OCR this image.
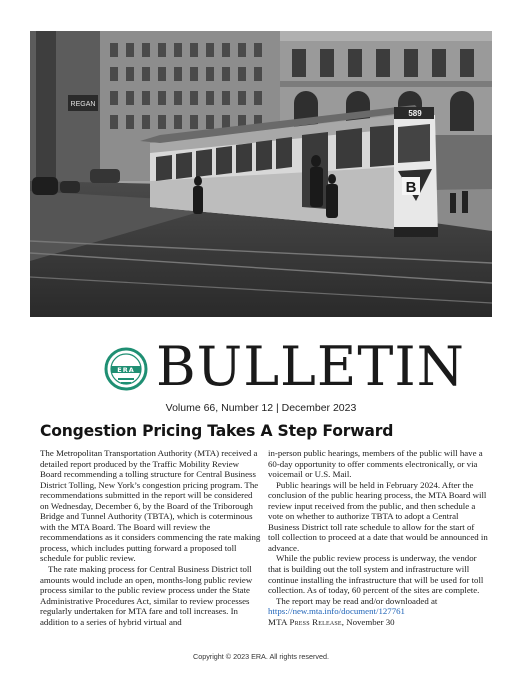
REGAN
589
B
ERA BULLETIN
Volume 66, Number 12 | December 2023
Congestion Pricing Takes A Step Forward

The Metropolitan Transportation Authority (MTA) received a detailed report produced by the Traffic Mobility Review Board recommending a tolling structure for Central Business District Tolling, New York’s congestion pricing program. The recommendations submitted in the report will be considered on Wednesday, December 6, by the Board of the Triborough Bridge and Tunnel Authority (TBTA), which is coterminous with the MTA Board. The Board will review the recommendations as it considers commencing the rate making process, which includes putting forward a proposed toll schedule for public review.

The rate making process for Central Business District toll amounts would include an open, months-long public review process similar to the public review process under the State Administrative Procedures Act, similar to review processes regularly undertaken for MTA fare and toll increases. In addition to a series of hybrid virtual and

in-person public hearings, members of the public will have a 60-day opportunity to offer comments electronically, or via voicemail or U.S. Mail.

Public hearings will be held in February 2024. After the conclusion of the public hearing process, the MTA Board will review input received from the public, and then schedule a vote on whether to authorize TBTA to adopt a Central Business District toll rate schedule to allow for the start of toll collection to proceed at a date that would be announced in advance.

While the public review process is underway, the vendor that is building out the toll system and infrastructure will continue installing the infrastructure that will be used for toll collection. As of today, 60 percent of the sites are complete.

The report may be read and/or downloaded at https://new.mta.info/document/127761

MTA Press Release, November 30

Copyright © 2023 ERA. All rights reserved.
